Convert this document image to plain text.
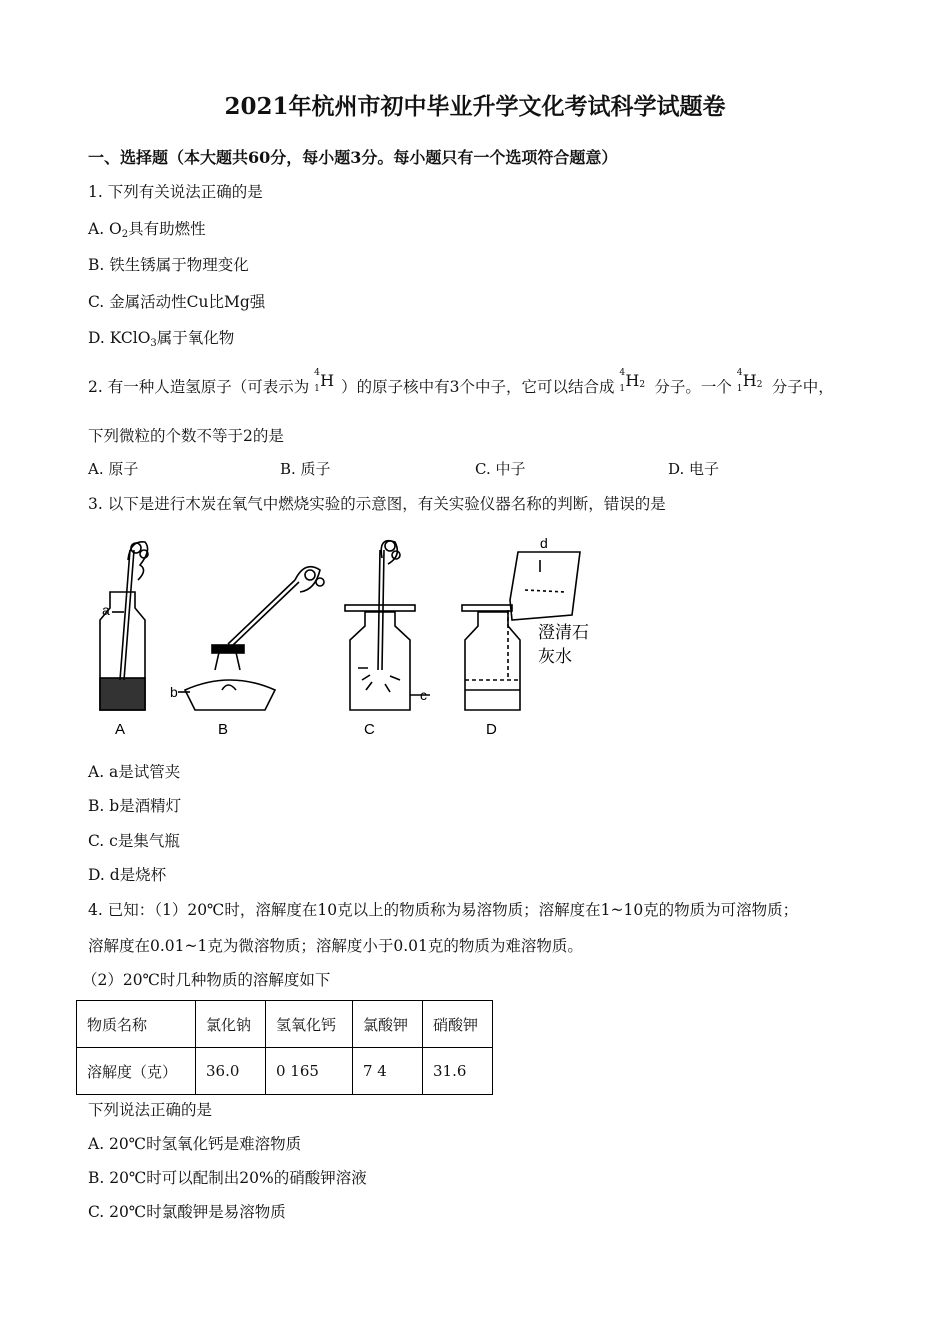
2021年杭州市初中毕业升学文化考试科学试题卷
一、选择题（本大题共60分，每小题3分。每小题只有一个选项符合题意）
1. 下列有关说法正确的是
A. $O_2$具有助燃性
B. 铁生锈属于物理变化
C. 金属活动性Cu比Mg强
D. KClO$_3$属于氧化物
2. 有一种人造氢原子（可表示为
4
1 H ）的原子核中有3个中子，它可以结合成
4
1 H 2 分子。一个
4
1 H 2 分子中，
下列微粒的个数不等于2的是
A. 原子	B. 质子	C. 中子	D. 电子
3. 以下是进行木炭在氧气中燃烧实验的示意图，有关实验仪器名称的判断，错误的是
a
b	c
d
澄清石
灰水
A	B	C	D
A. a是试管夹
B. b是酒精灯
C. c是集气瓶
D. d是烧杯
4. 已知：（1）20℃时，溶解度在10克以上的物质称为易溶物质；溶解度在1~10克的物质为可溶物质；
溶解度在0.01~1克为微溶物质；溶解度小于0.01克的物质为难溶物质。
（2）20℃时几种物质的溶解度如下
物质名称	氯化钠	氢氧化钙	氯酸钾	硝酸钾
溶解度（克）	36.0	0 165	7 4	31.6
下列说法正确的是
A. 20℃时氢氧化钙是难溶物质
B. 20℃时可以配制出20%的硝酸钾溶液
C. 20℃时氯酸钾是易溶物质
